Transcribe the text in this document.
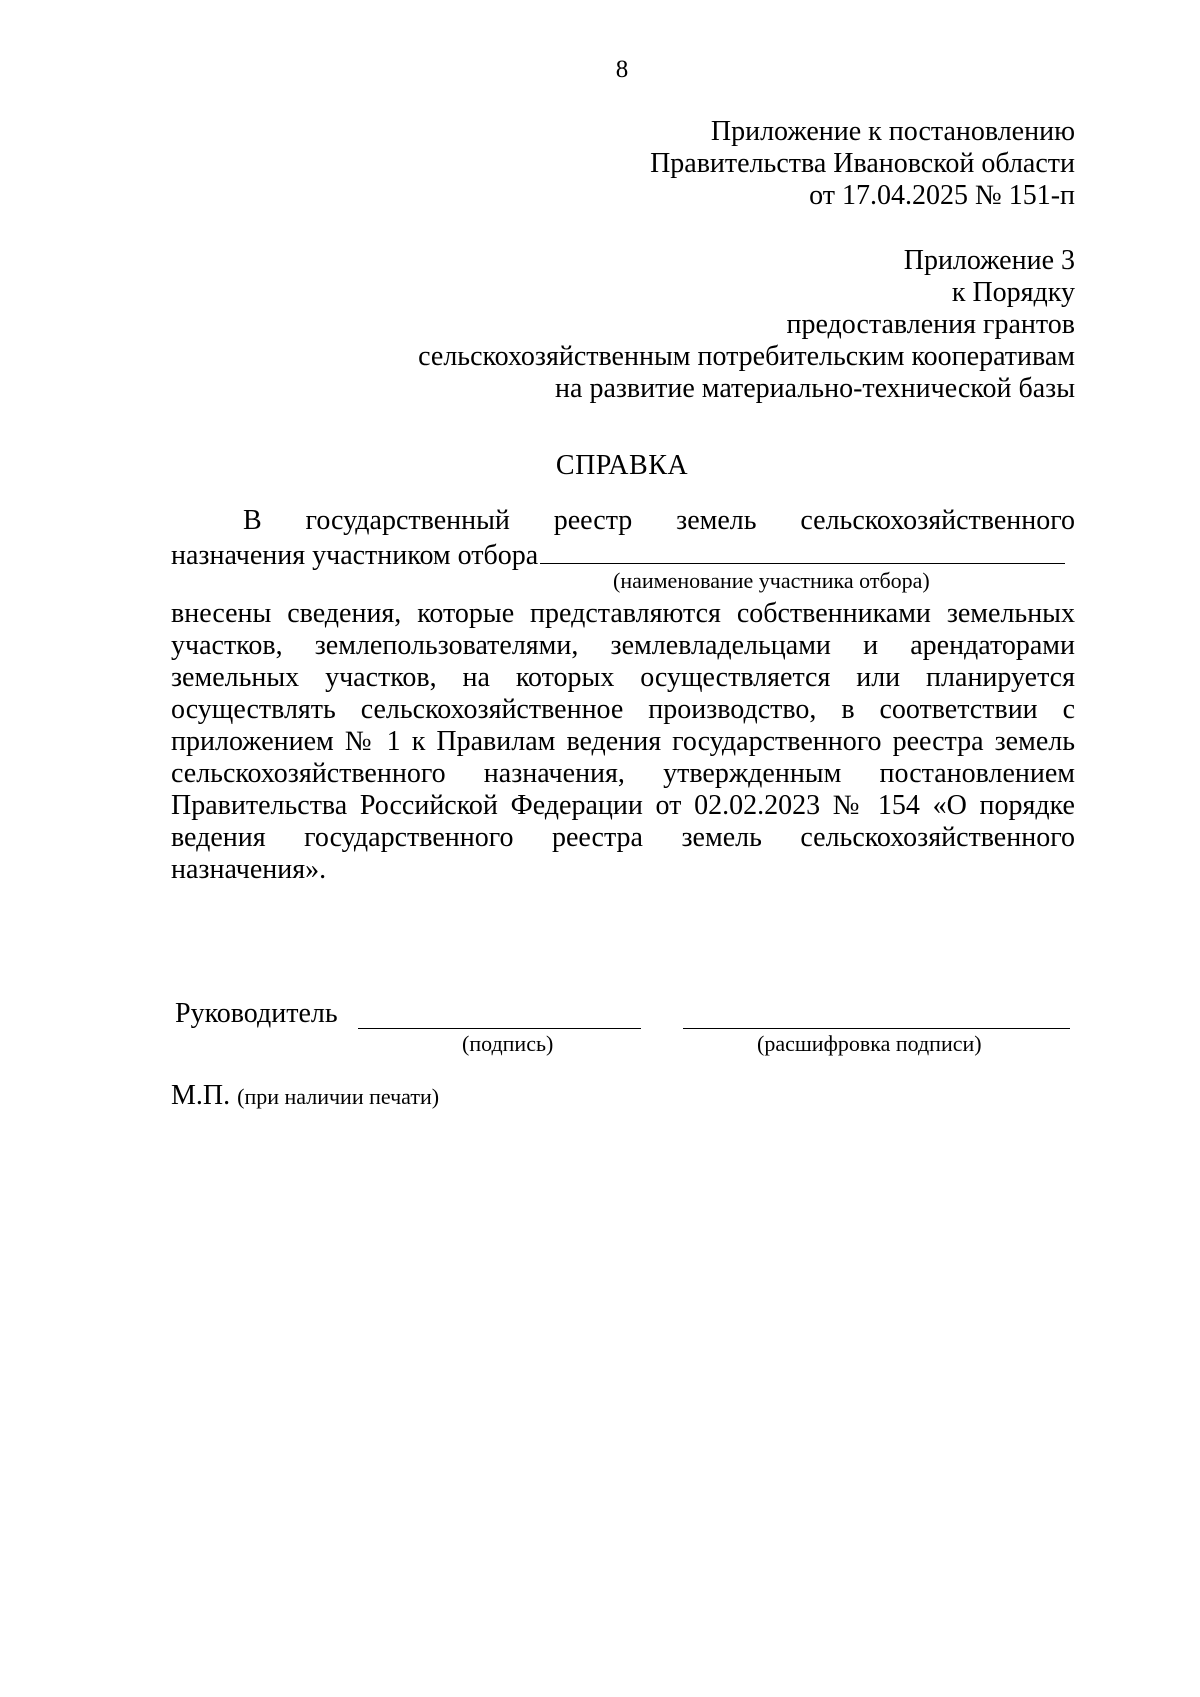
8
Приложение к постановлению
Правительства Ивановской области
от 17.04.2025 № 151-п
Приложение 3
к Порядку
предоставления грантов
сельскохозяйственным потребительским кооперативам
на развитие материально-технической базы
СПРАВКА
В государственный реестр земель сельскохозяйственного
назначения участником отбора
(наименование участника отбора)
внесены сведения, которые представляются собственниками земельных участков, землепользователями, землевладельцами и арендаторами земельных участков, на которых осуществляется или планируется осуществлять сельскохозяйственное производство, в соответствии с приложением № 1 к Правилам ведения государственного реестра земель сельскохозяйственного назначения, утвержденным постановлением Правительства Российской Федерации от 02.02.2023 № 154 «О порядке ведения государственного реестра земель сельскохозяйственного назначения».
Руководитель
(подпись)	(расшифровка подписи)
М.П. (при наличии печати)
